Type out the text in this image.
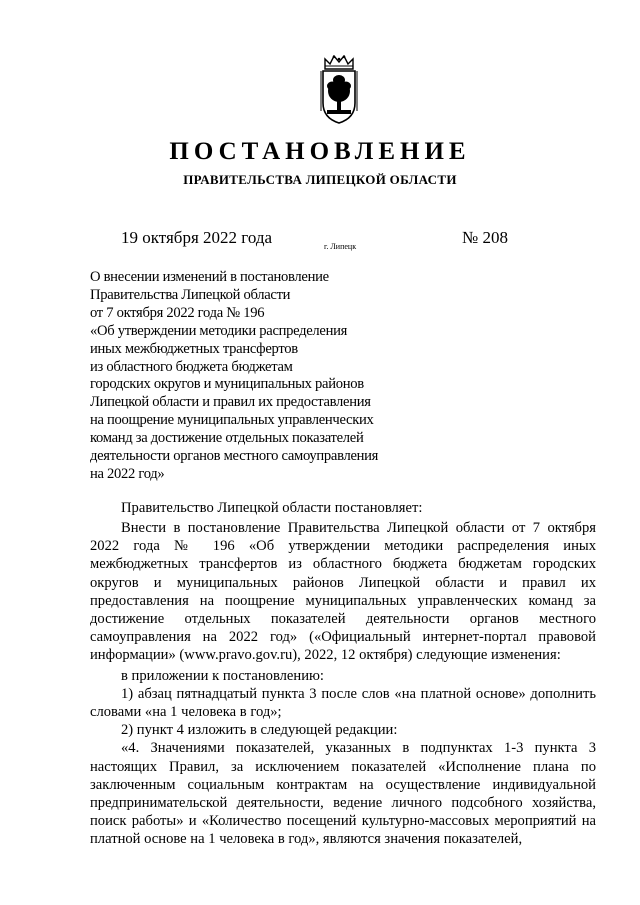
ПОСТАНОВЛЕНИЕ
ПРАВИТЕЛЬСТВА ЛИПЕЦКОЙ ОБЛАСТИ
19 октября 2022 года	г. Липецк	№ 208
О внесении изменений в постановление
Правительства Липецкой области
от 7 октября 2022 года № 196
«Об утверждении методики распределения
иных межбюджетных трансфертов
из областного бюджета бюджетам
городских округов и муниципальных районов
Липецкой области и правил их предоставления
на поощрение муниципальных управленческих
команд за достижение отдельных показателей
деятельности органов местного самоуправления
на 2022 год»
Правительство Липецкой области постановляет:

Внести в постановление Правительства Липецкой области от 7 октября 2022 года № 196 «Об утверждении методики распределения иных межбюджетных трансфертов из областного бюджета бюджетам городских округов и муниципальных районов Липецкой области и правил их предоставления на поощрение муниципальных управленческих команд за достижение отдельных показателей деятельности органов местного самоуправления на 2022 год» («Официальный интернет-портал правовой информации» (www.pravo.gov.ru), 2022, 12 октября) следующие изменения:

в приложении к постановлению:

1) абзац пятнадцатый пункта 3 после слов «на платной основе» дополнить словами «на 1 человека в год»;

2) пункт 4 изложить в следующей редакции:

«4. Значениями показателей, указанных в подпунктах 1-3 пункта 3 настоящих Правил, за исключением показателей «Исполнение плана по заключенным социальным контрактам на осуществление индивидуальной предпринимательской деятельности, ведение личного подсобного хозяйства, поиск работы» и «Количество посещений культурно-массовых мероприятий на платной основе на 1 человека в год», являются значения показателей,
